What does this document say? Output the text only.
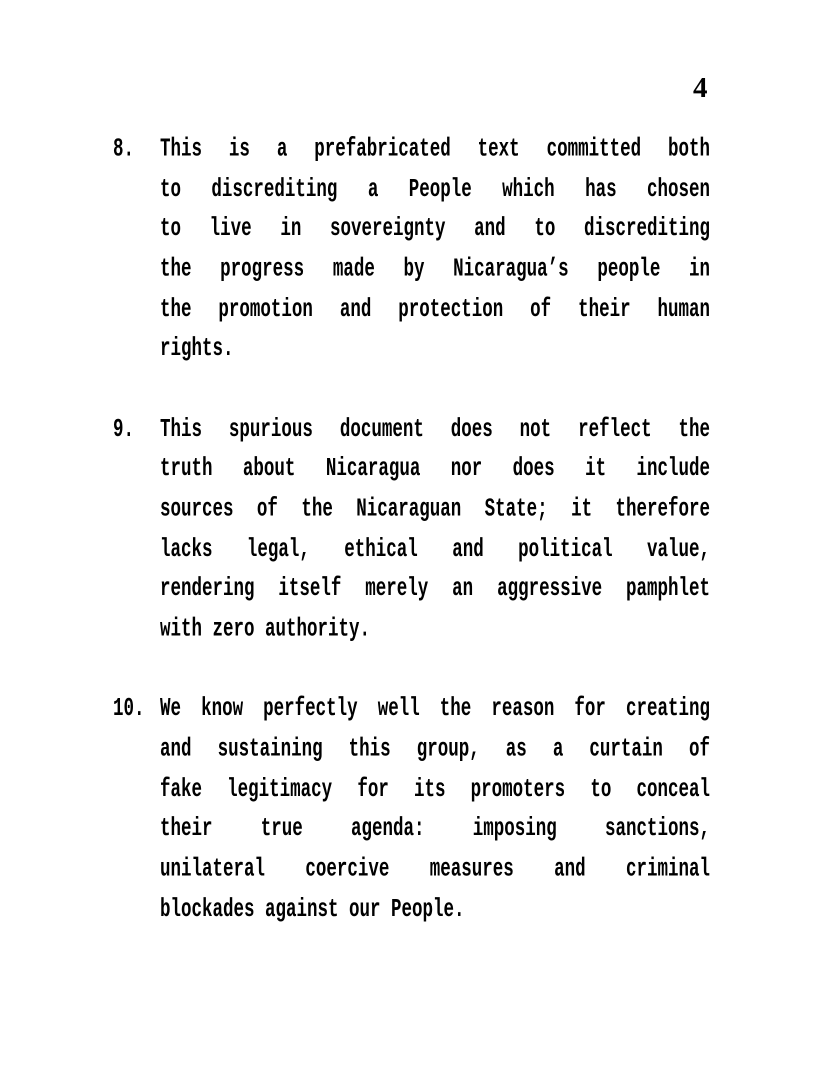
4
8.	This is a prefabricated text committed both
to discrediting a People which has chosen
to live in sovereignty and to discrediting
the progress made by Nicaragua’s people in
the promotion and protection of their human
rights.
9.	This spurious document does not reflect the
truth about Nicaragua nor does it include
sources of the Nicaraguan State; it therefore
lacks legal, ethical and political value,
rendering itself merely an aggressive pamphlet
with zero authority.
10. We know perfectly well the reason for creating
and sustaining this group, as a curtain of
fake legitimacy for its promoters to conceal
their true agenda: imposing sanctions,
unilateral coercive measures and criminal
blockades against our People.
